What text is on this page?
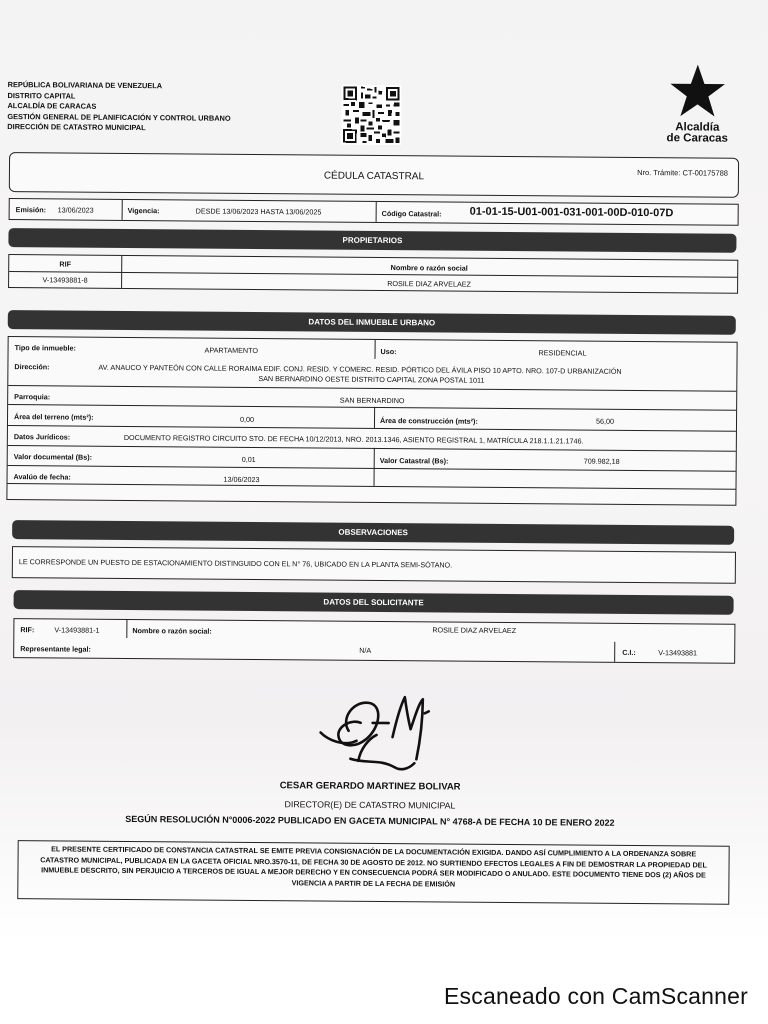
REPÚBLICA BOLIVARIANA DE VENEZUELA
DISTRITO CAPITAL
ALCALDÍA DE CARACAS
GESTIÓN GENERAL DE PLANIFICACIÓN Y CONTROL URBANO
DIRECCIÓN DE CATASTRO MUNICIPAL	Alcaldía
de Caracas
CÉDULA CATASTRAL	Nro. Trámite: CT-00175788
Emisión: 13/06/2023	Vigencia:	DESDE 13/06/2023 HASTA 13/06/2025	Código Catastral:	01-01-15-U01-001-031-001-00D-010-07D
PROPIETARIOS
RIF	Nombre o razón social
V-13493881-8	ROSILE DIAZ ARVELAEZ
DATOS DEL INMUEBLE URBANO
Tipo de inmueble:	APARTAMENTO	Uso:	RESIDENCIAL
Dirección:	AV. ANAUCO Y PANTEÓN CON CALLE RORAIMA EDIF. CONJ. RESID. Y COMERC. RESID. PÓRTICO DEL ÁVILA PISO 10 APTO. NRO. 107-D URBANIZACIÓN
SAN BERNARDINO OESTE DISTRITO CAPITAL ZONA POSTAL 1011
Parroquia:	SAN BERNARDINO
Área del terreno (mts²):	0,00	Área de construcción (mts²):	56,00
Datos Jurídicos:	DOCUMENTO REGISTRO CIRCUITO STO. DE FECHA 10/12/2013, NRO. 2013.1346, ASIENTO REGISTRAL 1, MATRÍCULA 218.1.1.21.1746.
Valor documental (Bs):	0,01	Valor Catastral (Bs):	709.982,18
Avalúo de fecha:	13/06/2023
OBSERVACIONES
LE CORRESPONDE UN PUESTO DE ESTACIONAMIENTO DISTINGUIDO CON EL N° 76, UBICADO EN LA PLANTA SEMI-SÓTANO.
DATOS DEL SOLICITANTE
RIF:	V-13493881-1	Nombre o razón social:	ROSILE DIAZ ARVELAEZ
Representante legal:	N/A	C.I.:	V-13493881
CESAR GERARDO MARTINEZ BOLIVAR
DIRECTOR(E) DE CATASTRO MUNICIPAL
SEGÚN RESOLUCIÓN N°0006-2022 PUBLICADO EN GACETA MUNICIPAL N° 4768-A DE FECHA 10 DE ENERO 2022
EL PRESENTE CERTIFICADO DE CONSTANCIA CATASTRAL SE EMITE PREVIA CONSIGNACIÓN DE LA DOCUMENTACIÓN EXIGIDA. DANDO ASÍ CUMPLIMIENTO A LA ORDENANZA SOBRE
CATASTRO MUNICIPAL, PUBLICADA EN LA GACETA OFICIAL NRO.3570-11, DE FECHA 30 DE AGOSTO DE 2012. NO SURTIENDO EFECTOS LEGALES A FIN DE DEMOSTRAR LA PROPIEDAD DEL
INMUEBLE DESCRITO, SIN PERJUICIO A TERCEROS DE IGUAL A MEJOR DERECHO Y EN CONSECUENCIA PODRÁ SER MODIFICADO O ANULADO. ESTE DOCUMENTO TIENE DOS (2) AÑOS DE
VIGENCIA A PARTIR DE LA FECHA DE EMISIÓN
Escaneado con CamScanner
